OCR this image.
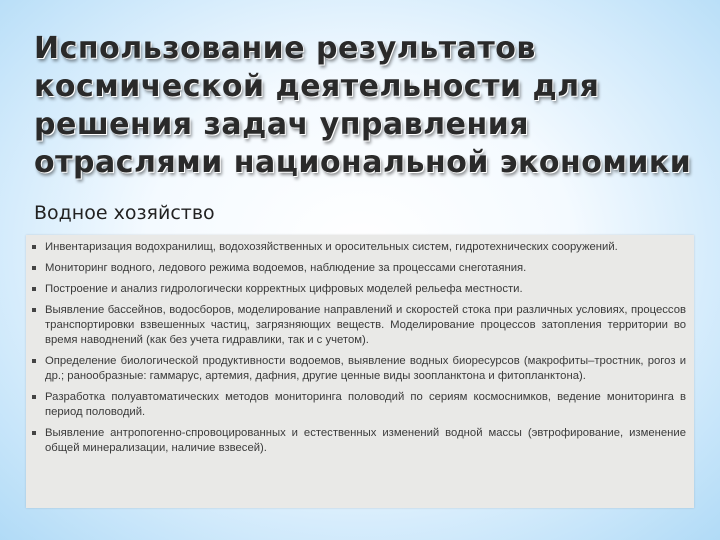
Использование результатов космической деятельности для решения задач управления отраслями национальной экономики
Водное хозяйство
Инвентаризация водохранилищ, водохозяйственных и оросительных систем, гидротехнических сооружений.
Мониторинг водного, ледового режима водоемов, наблюдение за процессами снеготаяния.
Построение и анализ гидрологически корректных цифровых моделей рельефа местности.
Выявление бассейнов, водосборов, моделирование направлений и скоростей стока при различных условиях, процессов транспортировки взвешенных частиц, загрязняющих веществ. Моделирование процессов затопления территории во время наводнений (как без учета гидравлики, так и с учетом).
Определение биологической продуктивности водоемов, выявление водных биоресурсов (макрофиты–тростник, рогоз и др.; ранообразные: гаммарус, артемия, дафния, другие ценные виды зоопланктона и фитопланктона).
Разработка полуавтоматических методов мониторинга половодий по сериям космоснимков, ведение мониторинга в период половодий.
Выявление антропогенно-спровоцированных и естественных изменений водной массы (эвтрофирование, изменение общей минерализации, наличие взвесей).
